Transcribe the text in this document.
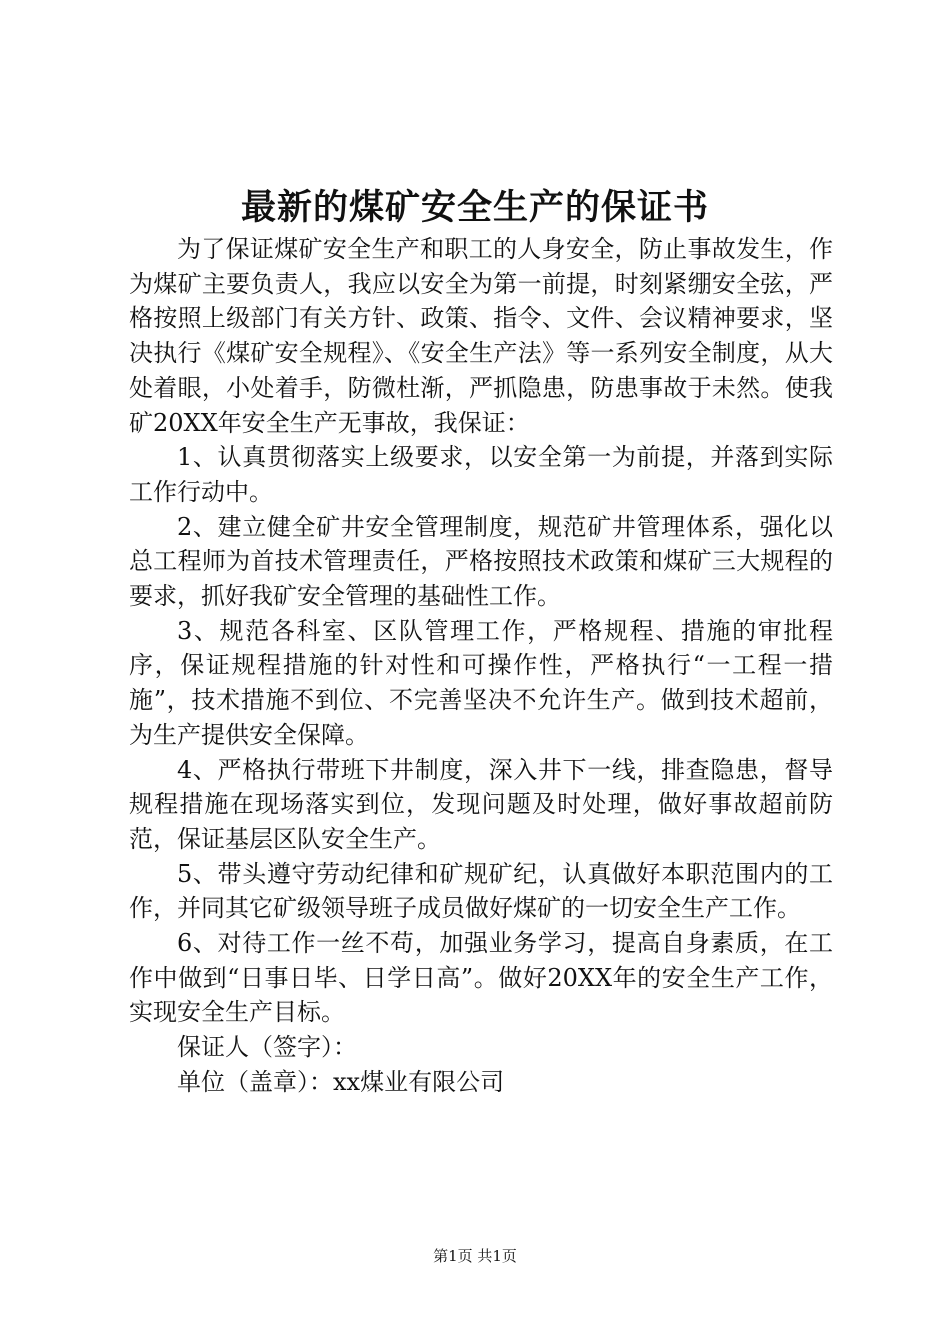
最新的煤矿安全生产的保证书

为了保证煤矿安全生产和职工的人身安全，防止事故发生，作为煤矿主要负责人，我应以安全为第一前提，时刻紧绷安全弦，严格按照上级部门有关方针、政策、指令、文件、会议精神要求，坚决执行《煤矿安全规程》、《安全生产法》等一系列安全制度，从大处着眼，小处着手，防微杜渐，严抓隐患，防患事故于未然。使我矿20XX年安全生产无事故，我保证：

1、认真贯彻落实上级要求，以安全第一为前提，并落到实际工作行动中。

2、建立健全矿井安全管理制度，规范矿井管理体系，强化以总工程师为首技术管理责任，严格按照技术政策和煤矿三大规程的要求，抓好我矿安全管理的基础性工作。

3、规范各科室、区队管理工作，严格规程、措施的审批程序，保证规程措施的针对性和可操作性，严格执行“一工程一措施”，技术措施不到位、不完善坚决不允许生产。做到技术超前，为生产提供安全保障。

4、严格执行带班下井制度，深入井下一线，排查隐患，督导规程措施在现场落实到位，发现问题及时处理，做好事故超前防范，保证基层区队安全生产。

5、带头遵守劳动纪律和矿规矿纪，认真做好本职范围内的工作，并同其它矿级领导班子成员做好煤矿的一切安全生产工作。

6、对待工作一丝不苟，加强业务学习，提高自身素质，在工作中做到“日事日毕、日学日高”。做好20XX年的安全生产工作，实现安全生产目标。

保证人（签字）：

单位（盖章）：xx煤业有限公司

第1页 共1页
